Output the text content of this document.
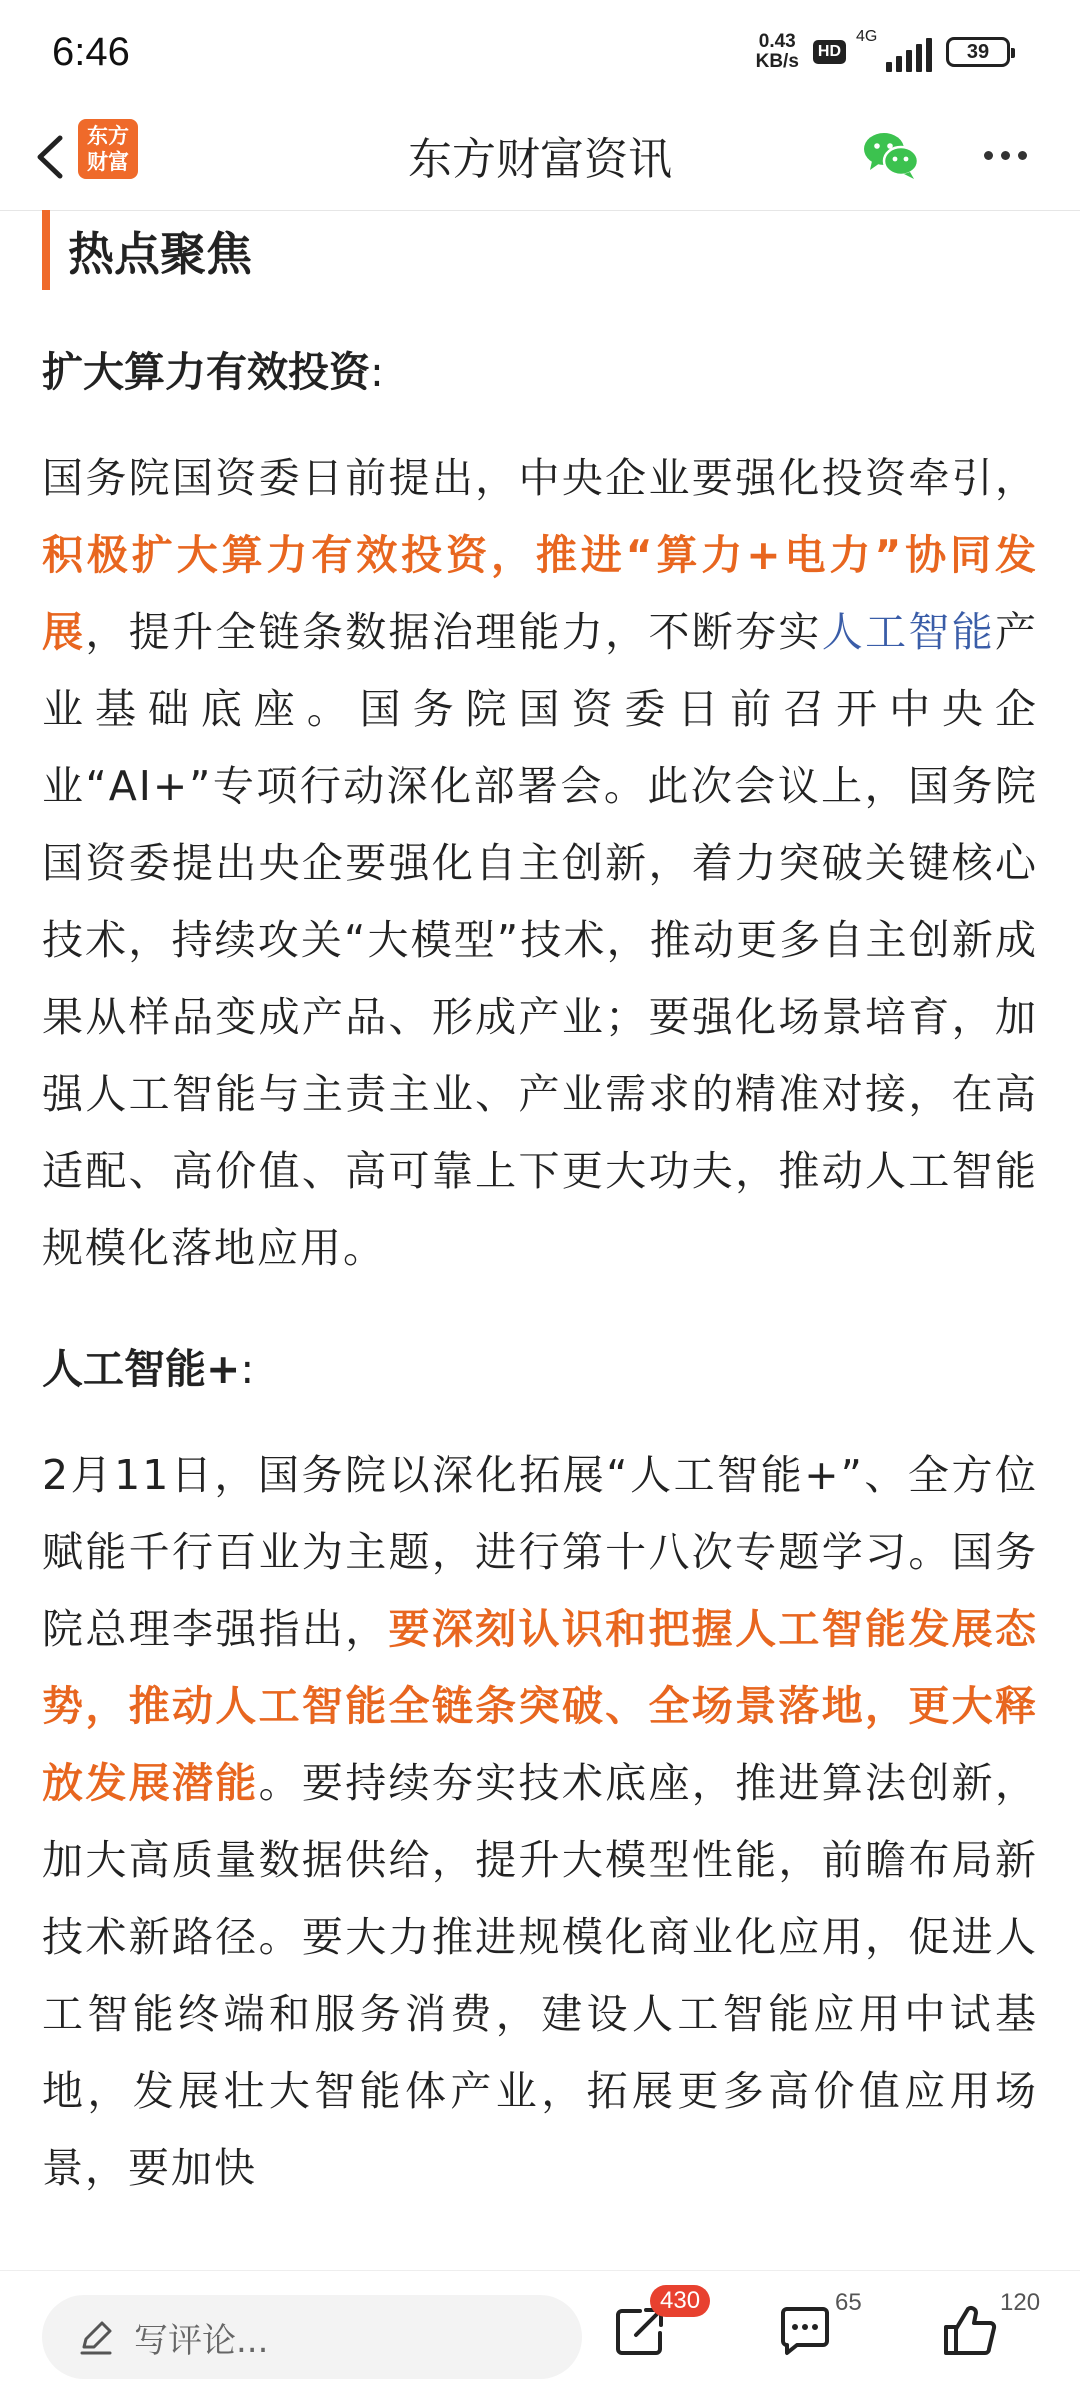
6:46	0.43
KB/s	HD
4G
39
东方
财富	东方财富资讯
热点聚焦
扩大算力有效投资:
国务院国资委日前提出，中央企业要强化投资牵引，积极扩大算力有效投资，推进“算力+电力”协同发展，提升全链条数据治理能力，不断夯实人工智能产业基础底座。国务院国资委日前召开中央企业“AI+”专项行动深化部署会。此次会议上，国务院国资委提出央企要强化自主创新，着力突破关键核心技术，持续攻关“大模型”技术，推动更多自主创新成果从样品变成产品、形成产业；要强化场景培育，加强人工智能与主责主业、产业需求的精准对接，在高适配、高价值、高可靠上下更大功夫，推动人工智能规模化落地应用。
人工智能+:
2月11日，国务院以深化拓展“人工智能+”、全方位赋能千行百业为主题，进行第十八次专题学习。国务院总理李强指出，要深刻认识和把握人工智能发展态势，推动人工智能全链条突破、全场景落地，更大释放发展潜能。要持续夯实技术底座，推进算法创新，加大高质量数据供给，提升大模型性能，前瞻布局新技术新路径。要大力推进规模化商业化应用，促进人工智能终端和服务消费，建设人工智能应用中试基地，发展壮大智能体产业，拓展更多高价值应用场景，要加快
写评论...
430	65	120
